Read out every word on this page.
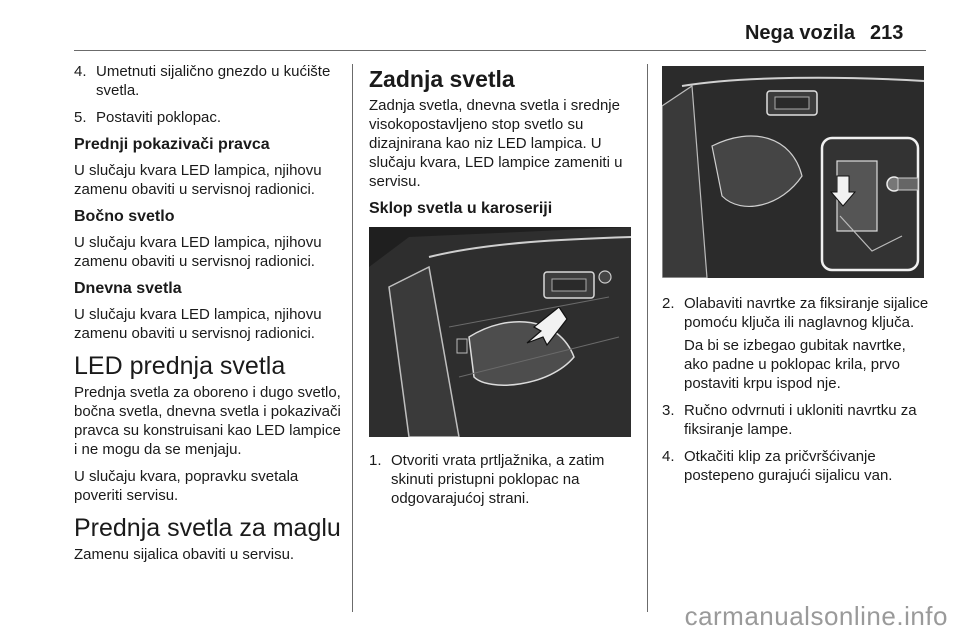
Nega vozila 213
4. Umetnuti sijalično gnezdo u kućište svetla.

5. Postaviti poklopac.

Prednji pokazivači pravca

U slučaju kvara LED lampica, njihovu zamenu obaviti u servisnoj radionici.

Bočno svetlo

U slučaju kvara LED lampica, njihovu zamenu obaviti u servisnoj radionici.

Dnevna svetla

U slučaju kvara LED lampica, njihovu zamenu obaviti u servisnoj radionici.

LED prednja svetla

Prednja svetla za oboreno i dugo svetlo, bočna svetla, dnevna svetla i pokazivači pravca su konstruisani kao LED lampice i ne mogu da se menjaju.

U slučaju kvara, popravku svetala poveriti servisu.

Prednja svetla za maglu

Zamenu sijalica obaviti u servisu.

Zadnja svetla

Zadnja svetla, dnevna svetla i srednje visokopostavljeno stop svetlo su dizajnirana kao niz LED lampica. U slučaju kvara, LED lampice zameniti u servisu.

Sklop svetla u karoseriji
1. Otvoriti vrata prtljažnika, a zatim skinuti pristupni poklopac na odgovarajućoj strani.

2. Olabaviti navrtke za fiksiranje sijalice pomoću ključa ili naglavnog ključa.

Da bi se izbegao gubitak navrtke, ako padne u poklopac krila, prvo postaviti krpu ispod nje.

3. Ručno odvrnuti i ukloniti navrtku za fiksiranje lampe.

4. Otkačiti klip za pričvršćivanje postepeno gurajući sijalicu van.

carmanualsonline.info
